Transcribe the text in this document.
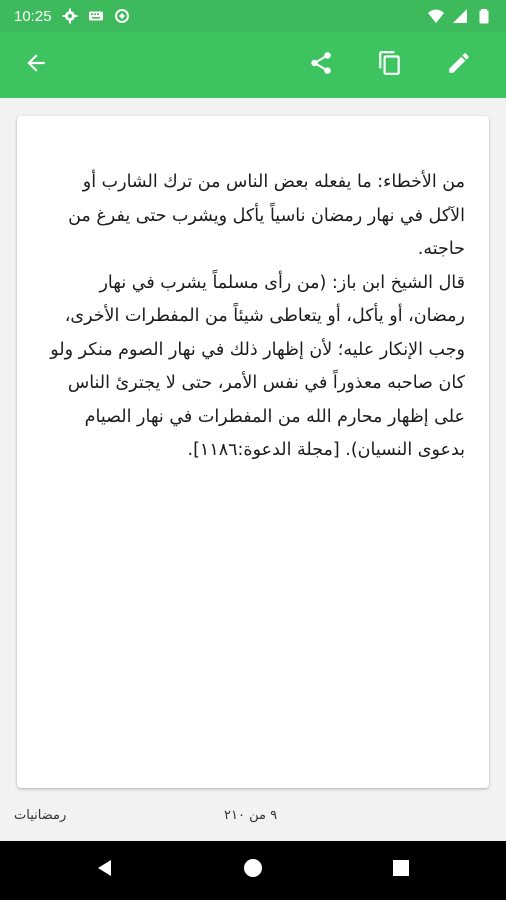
10:25

من الأخطاء: ما يفعله بعض الناس من ترك الشارب أو الآكل في نهار رمضان ناسياً يأكل ويشرب حتى يفرغ من حاجته.

قال الشيخ ابن باز: (من رأى مسلماً يشرب في نهار رمضان، أو يأكل، أو يتعاطى شيئاً من المفطرات الأخرى، وجب الإنكار عليه؛ لأن إظهار ذلك في نهار الصوم منكر ولو كان صاحبه معذوراً في نفس الأمر، حتى لا يجترئ الناس على إظهار محارم الله من المفطرات في نهار الصيام بدعوى النسيان). [مجلة الدعوة:١١٨٦].

رمضانيات	٩ من ٢١٠
